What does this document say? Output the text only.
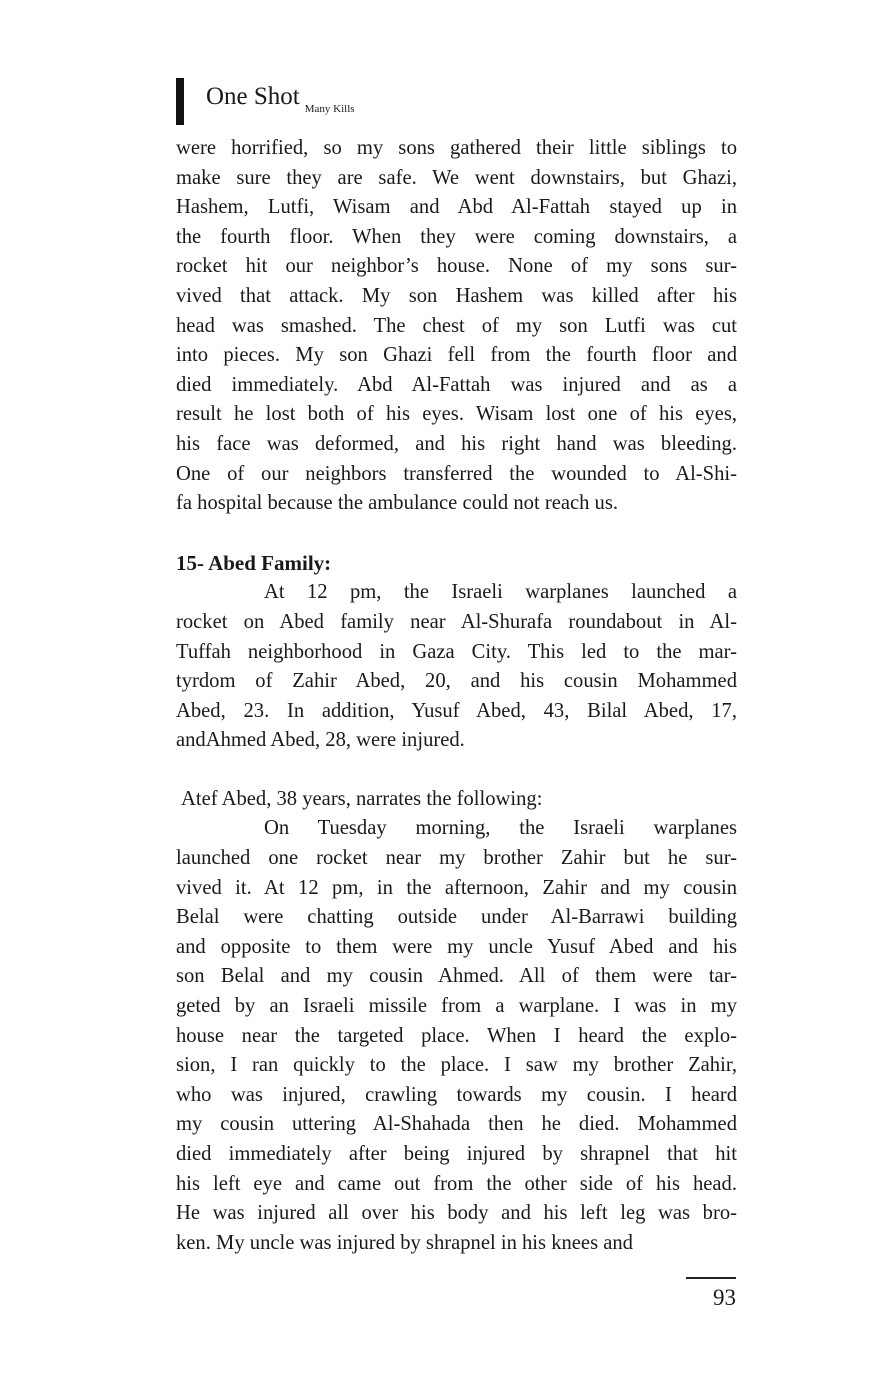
One Shot $_{Many Kills}$

were horrified, so my sons gathered their little siblings to
make sure they are safe. We went downstairs, but Ghazi,
Hashem, Lutfi, Wisam and Abd Al-Fattah stayed up in
the fourth floor. When they were coming downstairs, a
rocket hit our neighbor’s house. None of my sons sur-
vived that attack. My son Hashem was killed after his
head was smashed. The chest of my son Lutfi was cut
into pieces. My son Ghazi fell from the fourth floor and
died immediately. Abd Al-Fattah was injured and as a
result he lost both of his eyes. Wisam lost one of his eyes,
his face was deformed, and his right hand was bleeding.
One of our neighbors transferred the wounded to Al-Shi-
fa hospital because the ambulance could not reach us.

15- Abed Family:

At 12 pm, the Israeli warplanes launched a
rocket on Abed family near Al-Shurafa roundabout in Al-
Tuffah neighborhood in Gaza City. This led to the mar-
tyrdom of Zahir Abed, 20, and his cousin Mohammed
Abed, 23. In addition, Yusuf Abed, 43, Bilal Abed, 17,
andAhmed Abed, 28, were injured.

Atef Abed, 38 years, narrates the following:

On Tuesday morning, the Israeli warplanes
launched one rocket near my brother Zahir but he sur-
vived it. At 12 pm, in the afternoon, Zahir and my cousin
Belal were chatting outside under Al-Barrawi building
and opposite to them were my uncle Yusuf Abed and his
son Belal and my cousin Ahmed. All of them were tar-
geted by an Israeli missile from a warplane. I was in my
house near the targeted place. When I heard the explo-
sion, I ran quickly to the place. I saw my brother Zahir,
who was injured, crawling towards my cousin. I heard
my cousin uttering Al-Shahada then he died. Mohammed
died immediately after being injured by shrapnel that hit
his left eye and came out from the other side of his head.
He was injured all over his body and his left leg was bro-
ken. My uncle was injured by shrapnel in his knees and

93
